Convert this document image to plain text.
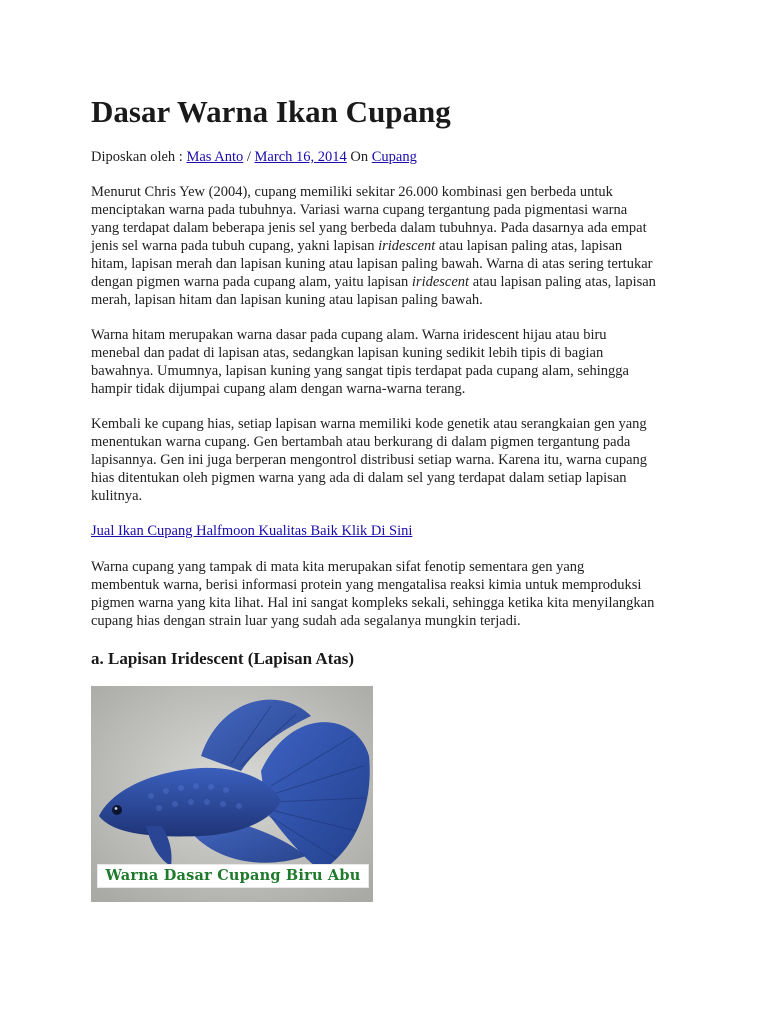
Dasar Warna Ikan Cupang
Diposkan oleh : Mas Anto / March 16, 2014 On Cupang
Menurut Chris Yew (2004), cupang memiliki sekitar 26.000 kombinasi gen berbeda untuk
menciptakan warna pada tubuhnya. Variasi warna cupang tergantung pada pigmentasi warna
yang terdapat dalam beberapa jenis sel yang berbeda dalam tubuhnya. Pada dasarnya ada empat
jenis sel warna pada tubuh cupang, yakni lapisan iridescent atau lapisan paling atas, lapisan
hitam, lapisan merah dan lapisan kuning atau lapisan paling bawah. Warna di atas sering tertukar
dengan pigmen warna pada cupang alam, yaitu lapisan iridescent atau lapisan paling atas, lapisan
merah, lapisan hitam dan lapisan kuning atau lapisan paling bawah.
Warna hitam merupakan warna dasar pada cupang alam. Warna iridescent hijau atau biru
menebal dan padat di lapisan atas, sedangkan lapisan kuning sedikit lebih tipis di bagian
bawahnya. Umumnya, lapisan kuning yang sangat tipis terdapat pada cupang alam, sehingga
hampir tidak dijumpai cupang alam dengan warna-warna terang.
Kembali ke cupang hias, setiap lapisan warna memiliki kode genetik atau serangkaian gen yang
menentukan warna cupang. Gen bertambah atau berkurang di dalam pigmen tergantung pada
lapisannya. Gen ini juga berperan mengontrol distribusi setiap warna. Karena itu, warna cupang
hias ditentukan oleh pigmen warna yang ada di dalam sel yang terdapat dalam setiap lapisan
kulitnya.
Jual Ikan Cupang Halfmoon Kualitas Baik Klik Di Sini
Warna cupang yang tampak di mata kita merupakan sifat fenotip sementara gen yang
membentuk warna, berisi informasi protein yang mengatalisa reaksi kimia untuk memproduksi
pigmen warna yang kita lihat. Hal ini sangat kompleks sekali, sehingga ketika kita menyilangkan
cupang hias dengan strain luar yang sudah ada segalanya mungkin terjadi.
a. Lapisan Iridescent (Lapisan Atas)
Warna Dasar Cupang Biru Abu
